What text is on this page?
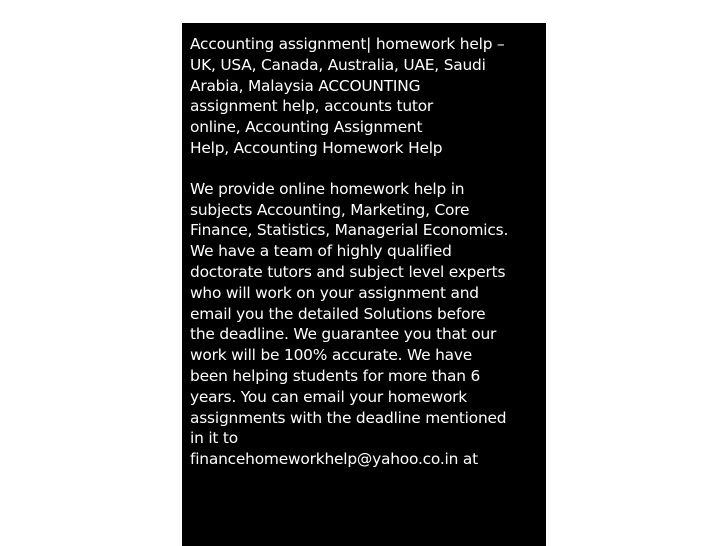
Accounting assignment| homework help –
UK, USA, Canada, Australia, UAE, Saudi
Arabia, Malaysia ACCOUNTING
assignment help, accounts tutor
online, Accounting Assignment
Help, Accounting Homework Help
We provide online homework help in
subjects Accounting, Marketing, Core
Finance, Statistics, Managerial Economics.
We have a team of highly qualified
doctorate tutors and subject level experts
who will work on your assignment and
email you the detailed Solutions before
the deadline. We guarantee you that our
work will be 100% accurate. We have
been helping students for more than 6
years. You can email your homework
assignments with the deadline mentioned
in it to
financehomeworkhelp@yahoo.co.in at
